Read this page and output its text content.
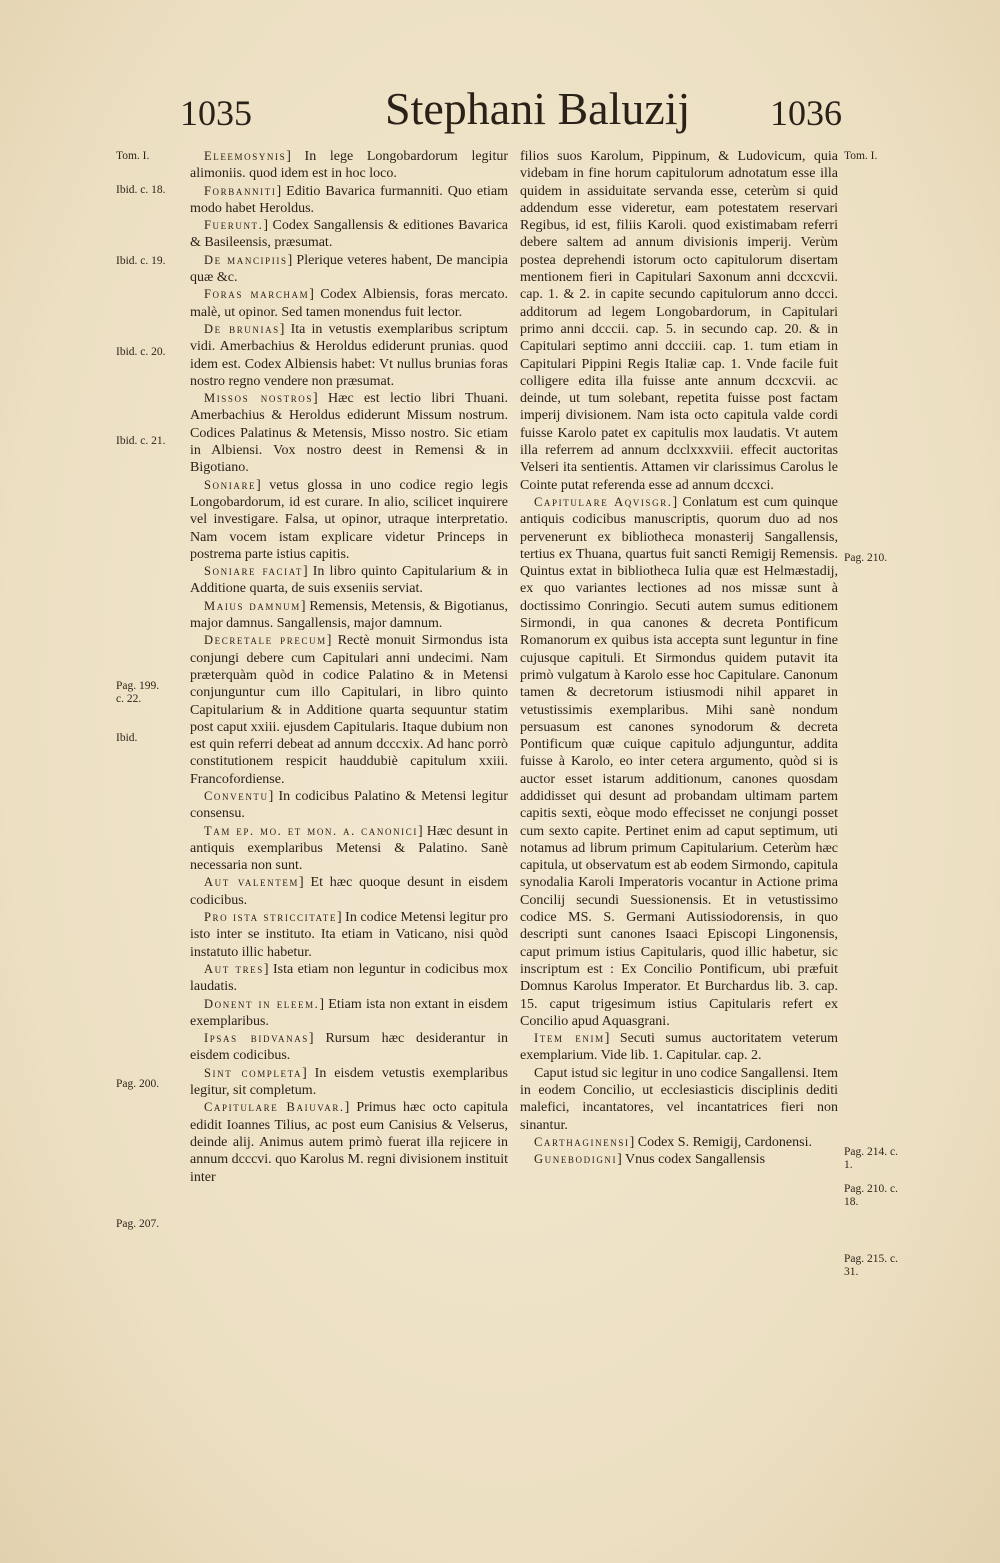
1035	Stephani Baluzij 1036
Tom. I.
Ibid. c. 18.
Ibid. c. 19.
Ibid. c. 20.
Ibid. c. 21.
Pag. 199. c. 22.
Ibid.
Pag. 200.
Pag. 207.
Tom. I.
Pag. 210.
Pag. 214. c. 1.
Pag. 210. c. 18.
Pag. 215. c. 31.

Eleemosynis] In lege Longobardorum legitur alimoniis. quod idem est in hoc loco.

Forbanniti] Editio Bavarica furmanniti. Quo etiam modo habet Heroldus.

Fuerunt.] Codex Sangallensis & editiones Bavarica & Basileensis, præsumat.

De mancipiis] Plerique veteres habent, De mancipia quæ &c.

Foras marcham] Codex Albiensis, foras mercato. malè, ut opinor. Sed tamen monendus fuit lector.

De brunias] Ita in vetustis exemplaribus scriptum vidi. Amerbachius & Heroldus ediderunt prunias. quod idem est. Codex Albiensis habet: Vt nullus brunias foras nostro regno vendere non præsumat.

Missos nostros] Hæc est lectio libri Thuani. Amerbachius & Heroldus ediderunt Missum nostrum. Codices Palatinus & Metensis, Misso nostro. Sic etiam in Albiensi. Vox nostro deest in Remensi & in Bigotiano.

Soniare] vetus glossa in uno codice regio legis Longobardorum, id est curare. In alio, scilicet inquirere vel investigare. Falsa, ut opinor, utraque interpretatio. Nam vocem istam explicare videtur Princeps in postrema parte istius capitis.

Soniare faciat] In libro quinto Capitularium & in Additione quarta, de suis exseniis serviat.

Maius damnum] Remensis, Metensis, & Bigotianus, major damnus. Sangallensis, major damnum.

Decretale precum] Rectè monuit Sirmondus ista conjungi debere cum Capitulari anni undecimi. Nam præterquàm quòd in codice Palatino & in Metensi conjunguntur cum illo Capitulari, in libro quinto Capitularium & in Additione quarta sequuntur statim post caput xxiii. ejusdem Capitularis. Itaque dubium non est quin referri debeat ad annum dcccxix. Ad hanc porrò constitutionem respicit hauddubiè capitulum xxiii. Francofordiense.

Conventu] In codicibus Palatino & Metensi legitur consensu.

Tam ep. mo. et mon. a. canonici] Hæc desunt in antiquis exemplaribus Metensi & Palatino. Sanè necessaria non sunt.

Aut valentem] Et hæc quoque desunt in eisdem codicibus.

Pro ista striccitate] In codice Metensi legitur pro isto inter se instituto. Ita etiam in Vaticano, nisi quòd instatuto illic habetur.

Aut tres] Ista etiam non leguntur in codicibus mox laudatis.

Donent in eleem.] Etiam ista non extant in eisdem exemplaribus.

Ipsas bidvanas] Rursum hæc desiderantur in eisdem codicibus.

Sint completa] In eisdem vetustis exemplaribus legitur, sit completum.

Capitulare Baiuvar.] Primus hæc octo capitula edidit Ioannes Tilius, ac post eum Canisius & Velserus, deinde alij. Animus autem primò fuerat illa rejicere in annum dcccvi. quo Karolus M. regni divisionem instituit inter

filios suos Karolum, Pippinum, & Ludovicum, quia videbam in fine horum capitulorum adnotatum esse illa quidem in assiduitate servanda esse, ceterùm si quid addendum esse videretur, eam potestatem reservari Regibus, id est, filiis Karoli. quod existimabam referri debere saltem ad annum divisionis imperij. Verùm postea deprehendi istorum octo capitulorum disertam mentionem fieri in Capitulari Saxonum anni dccxcvii. cap. 1. & 2. in capite secundo capitulorum anno dccci. additorum ad legem Longobardorum, in Capitulari primo anni dcccii. cap. 5. in secundo cap. 20. & in Capitulari septimo anni dccciii. cap. 1. tum etiam in Capitulari Pippini Regis Italiæ cap. 1. Vnde facile fuit colligere edita illa fuisse ante annum dccxcvii. ac deinde, ut tum solebant, repetita fuisse post factam imperij divisionem. Nam ista octo capitula valde cordi fuisse Karolo patet ex capitulis mox laudatis. Vt autem illa referrem ad annum dcclxxxviii. effecit auctoritas Velseri ita sentientis. Attamen vir clarissimus Carolus le Cointe putat referenda esse ad annum dccxci.

Capitulare Aqvisgr.] Conlatum est cum quinque antiquis codicibus manuscriptis, quorum duo ad nos pervenerunt ex bibliotheca monasterij Sangallensis, tertius ex Thuana, quartus fuit sancti Remigij Remensis. Quintus extat in bibliotheca Iulia quæ est Helmæstadij, ex quo variantes lectiones ad nos missæ sunt à doctissimo Conringio. Secuti autem sumus editionem Sirmondi, in qua canones & decreta Pontificum Romanorum ex quibus ista accepta sunt leguntur in fine cujusque capituli. Et Sirmondus quidem putavit ita primò vulgatum à Karolo esse hoc Capitulare. Canonum tamen & decretorum istiusmodi nihil apparet in vetustissimis exemplaribus. Mihi sanè nondum persuasum est canones synodorum & decreta Pontificum quæ cuique capitulo adjunguntur, addita fuisse à Karolo, eo inter cetera argumento, quòd si is auctor esset istarum additionum, canones quosdam addidisset qui desunt ad probandam ultimam partem capitis sexti, eòque modo effecisset ne conjungi posset cum sexto capite. Pertinet enim ad caput septimum, uti notamus ad librum primum Capitularium. Ceterùm hæc capitula, ut observatum est ab eodem Sirmondo, capitula synodalia Karoli Imperatoris vocantur in Actione prima Concilij secundi Suessionensis. Et in vetustissimo codice MS. S. Germani Autissiodorensis, in quo descripti sunt canones Isaaci Episcopi Lingonensis, caput primum istius Capitularis, quod illic habetur, sic inscriptum est : Ex Concilio Pontificum, ubi præfuit Domnus Karolus Imperator. Et Burchardus lib. 3. cap. 15. caput trigesimum istius Capitularis refert ex Concilio apud Aquasgrani.

Item enim] Secuti sumus auctoritatem veterum exemplarium. Vide lib. 1. Capitular. cap. 2.

Caput istud sic legitur in uno codice Sangallensi. Item in eodem Concilio, ut ecclesiasticis disciplinis dediti malefici, incantatores, vel incantatrices fieri non sinantur.

Carthaginensi] Codex S. Remigij, Cardonensi.

Gunebodigni] Vnus codex Sangallensis
